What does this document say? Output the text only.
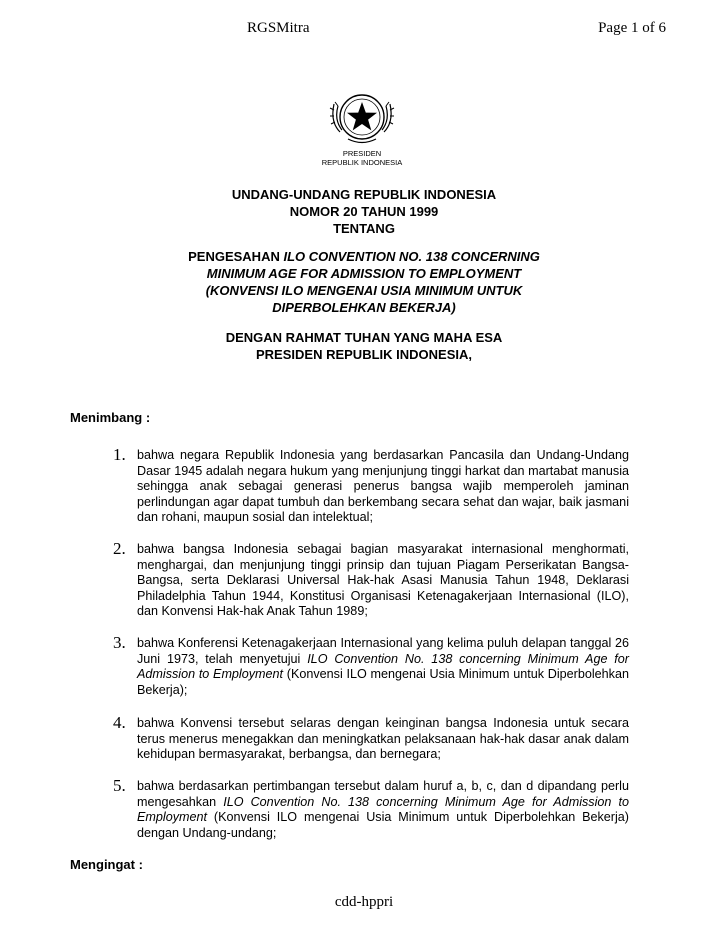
RGSMitra	Page 1 of 6
PRESIDEN
REPUBLIK INDONESIA
UNDANG-UNDANG REPUBLIK INDONESIA
NOMOR 20 TAHUN 1999
TENTANG
PENGESAHAN ILO CONVENTION NO. 138 CONCERNING
MINIMUM AGE FOR ADMISSION TO EMPLOYMENT
(KONVENSI ILO MENGENAI USIA MINIMUM UNTUK
DIPERBOLEHKAN BEKERJA)
DENGAN RAHMAT TUHAN YANG MAHA ESA
PRESIDEN REPUBLIK INDONESIA,
Menimbang :
1. bahwa negara Republik Indonesia yang berdasarkan Pancasila dan Undang-Undang Dasar 1945 adalah negara hukum yang menjunjung tinggi harkat dan martabat manusia sehingga anak sebagai generasi penerus bangsa wajib memperoleh jaminan perlindungan agar dapat tumbuh dan berkembang secara sehat dan wajar, baik jasmani dan rohani, maupun sosial dan intelektual;
2. bahwa bangsa Indonesia sebagai bagian masyarakat internasional menghormati, menghargai, dan menjunjung tinggi prinsip dan tujuan Piagam Perserikatan Bangsa-Bangsa, serta Deklarasi Universal Hak-hak Asasi Manusia Tahun 1948, Deklarasi Philadelphia Tahun 1944, Konstitusi Organisasi Ketenagakerjaan Internasional (ILO), dan Konvensi Hak-hak Anak Tahun 1989;
3. bahwa Konferensi Ketenagakerjaan Internasional yang kelima puluh delapan tanggal 26 Juni 1973, telah menyetujui ILO Convention No. 138 concerning Minimum Age for Admission to Employment (Konvensi ILO mengenai Usia Minimum untuk Diperbolehkan Bekerja);
4. bahwa Konvensi tersebut selaras dengan keinginan bangsa Indonesia untuk secara terus menerus menegakkan dan meningkatkan pelaksanaan hak-hak dasar anak dalam kehidupan bermasyarakat, berbangsa, dan bernegara;
5. bahwa berdasarkan pertimbangan tersebut dalam huruf a, b, c, dan d dipandang perlu mengesahkan ILO Convention No. 138 concerning Minimum Age for Admission to Employment (Konvensi ILO mengenai Usia Minimum untuk Diperbolehkan Bekerja) dengan Undang-undang;
Mengingat :
cdd-hppri
